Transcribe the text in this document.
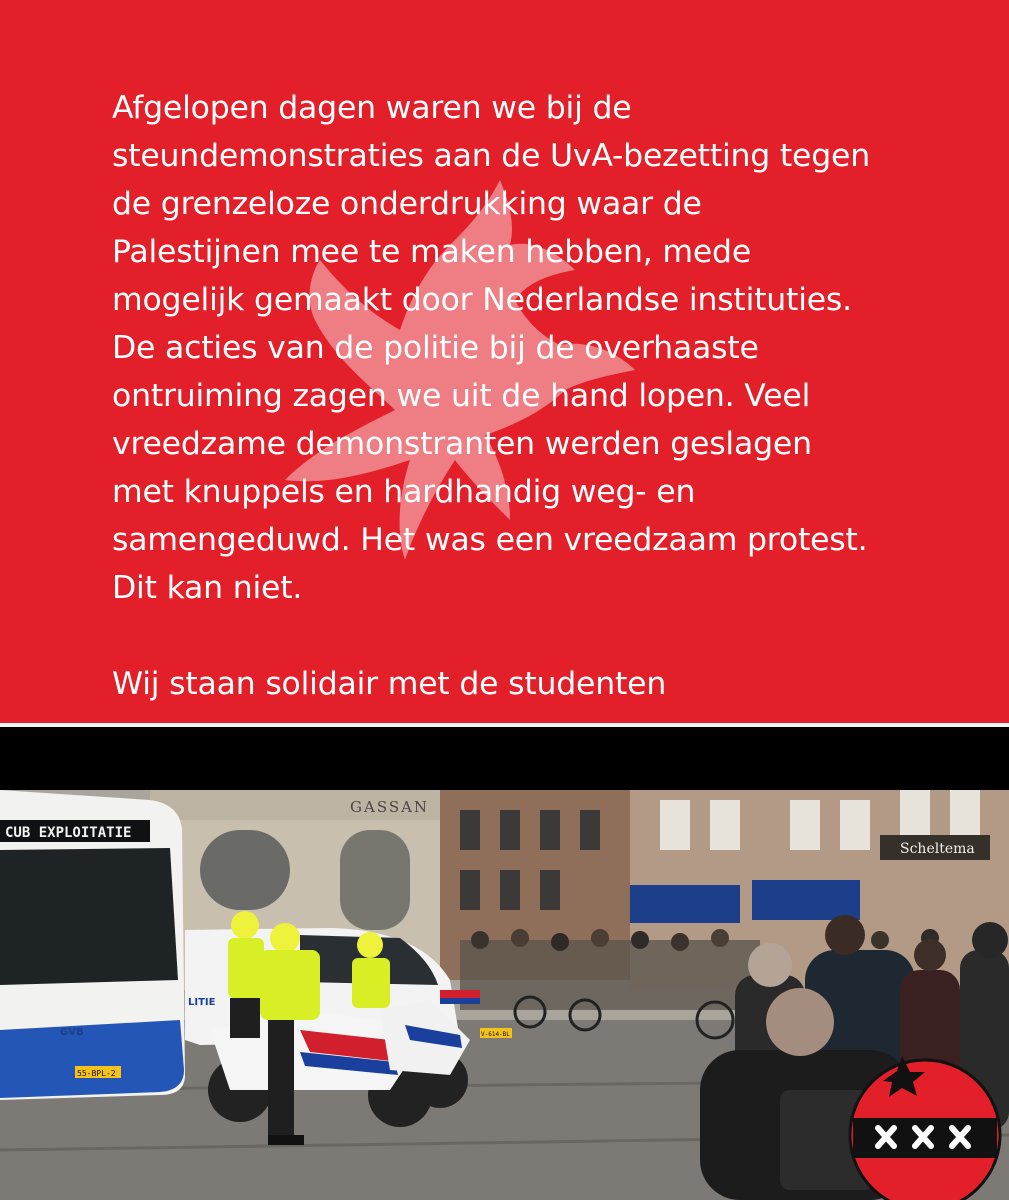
Afgelopen dagen waren we bij de
steundemonstraties aan de UvA-bezetting tegen
de grenzeloze onderdrukking waar de
Palestijnen mee te maken hebben, mede
mogelijk gemaakt door Nederlandse instituties.
De acties van de politie bij de overhaaste
ontruiming zagen we uit de hand lopen. Veel
vreedzame demonstranten werden geslagen
met knuppels en hardhandig weg- en
samengeduwd. Het was een vreedzaam protest.
Dit kan niet.
Wij staan solidair met de studenten
GASSAN
Scheltema
CUB EXPLOITATIE
GVB
55-BPL-2
LITIE
V-614-BL
